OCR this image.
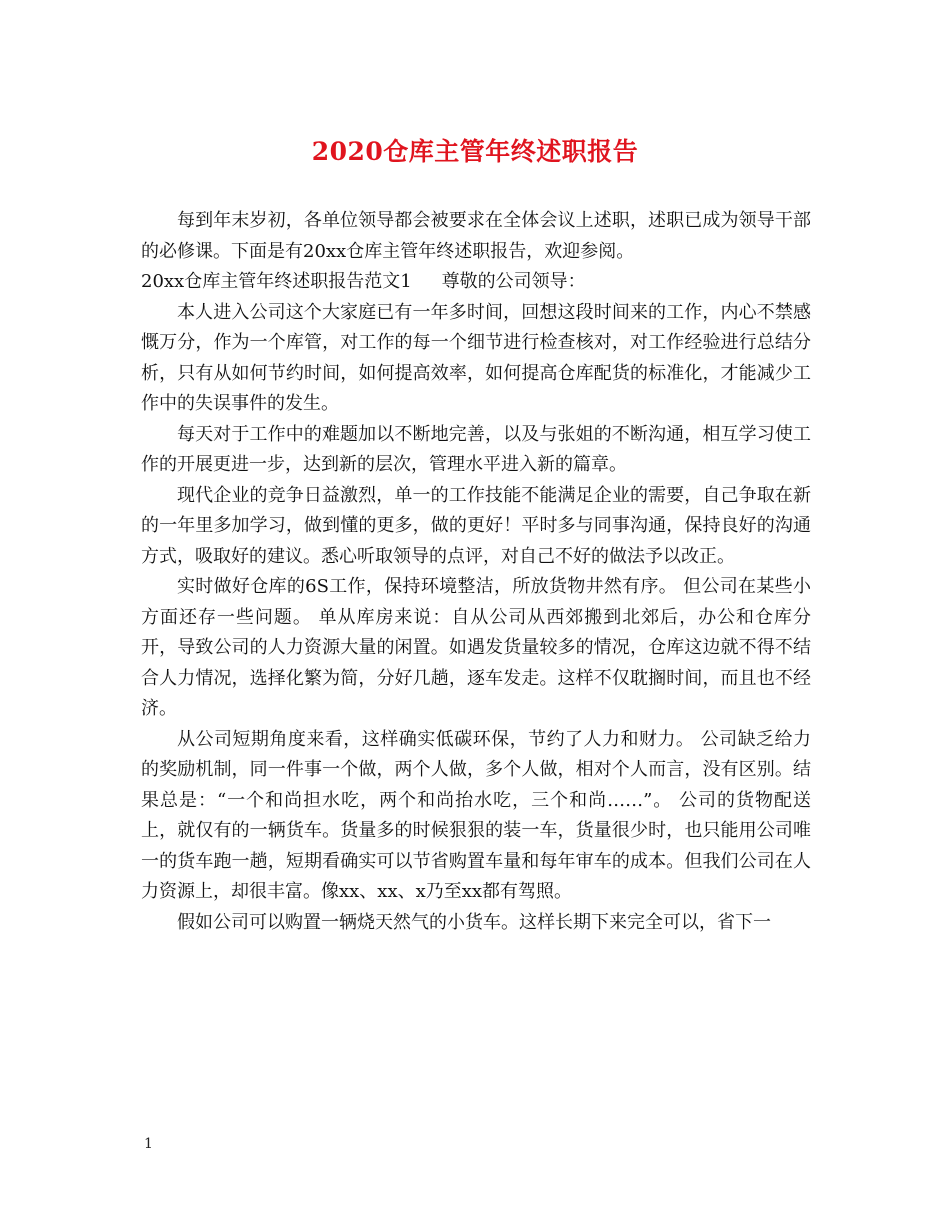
2020仓库主管年终述职报告

每到年末岁初，各单位领导都会被要求在全体会议上述职，述职已成为领导干部的必修课。下面是有20xx仓库主管年终述职报告，欢迎参阅。

20xx仓库主管年终述职报告范文1 尊敬的公司领导：

本人进入公司这个大家庭已有一年多时间，回想这段时间来的工作，内心不禁感慨万分，作为一个库管，对工作的每一个细节进行检查核对，对工作经验进行总结分析，只有从如何节约时间，如何提高效率，如何提高仓库配货的标准化，才能减少工作中的失误事件的发生。

每天对于工作中的难题加以不断地完善，以及与张姐的不断沟通，相互学习使工作的开展更进一步，达到新的层次，管理水平进入新的篇章。

现代企业的竞争日益激烈，单一的工作技能不能满足企业的需要，自己争取在新的一年里多加学习，做到懂的更多，做的更好！平时多与同事沟通，保持良好的沟通方式，吸取好的建议。悉心听取领导的点评，对自己不好的做法予以改正。

实时做好仓库的6S工作，保持环境整洁，所放货物井然有序。 但公司在某些小方面还存一些问题。 单从库房来说：自从公司从西郊搬到北郊后，办公和仓库分开，导致公司的人力资源大量的闲置。如遇发货量较多的情况，仓库这边就不得不结合人力情况，选择化繁为简，分好几趟，逐车发走。这样不仅耽搁时间，而且也不经济。

从公司短期角度来看，这样确实低碳环保，节约了人力和财力。 公司缺乏给力的奖励机制，同一件事一个做，两个人做，多个人做，相对个人而言，没有区别。结果总是：“一个和尚担水吃，两个和尚抬水吃，三个和尚……”。 公司的货物配送上，就仅有的一辆货车。货量多的时候狠狠的装一车，货量很少时，也只能用公司唯一的货车跑一趟，短期看确实可以节省购置车量和每年审车的成本。但我们公司在人力资源上，却很丰富。像xx、xx、x乃至xx都有驾照。

假如公司可以购置一辆烧天然气的小货车。这样长期下来完全可以，省下一

1
